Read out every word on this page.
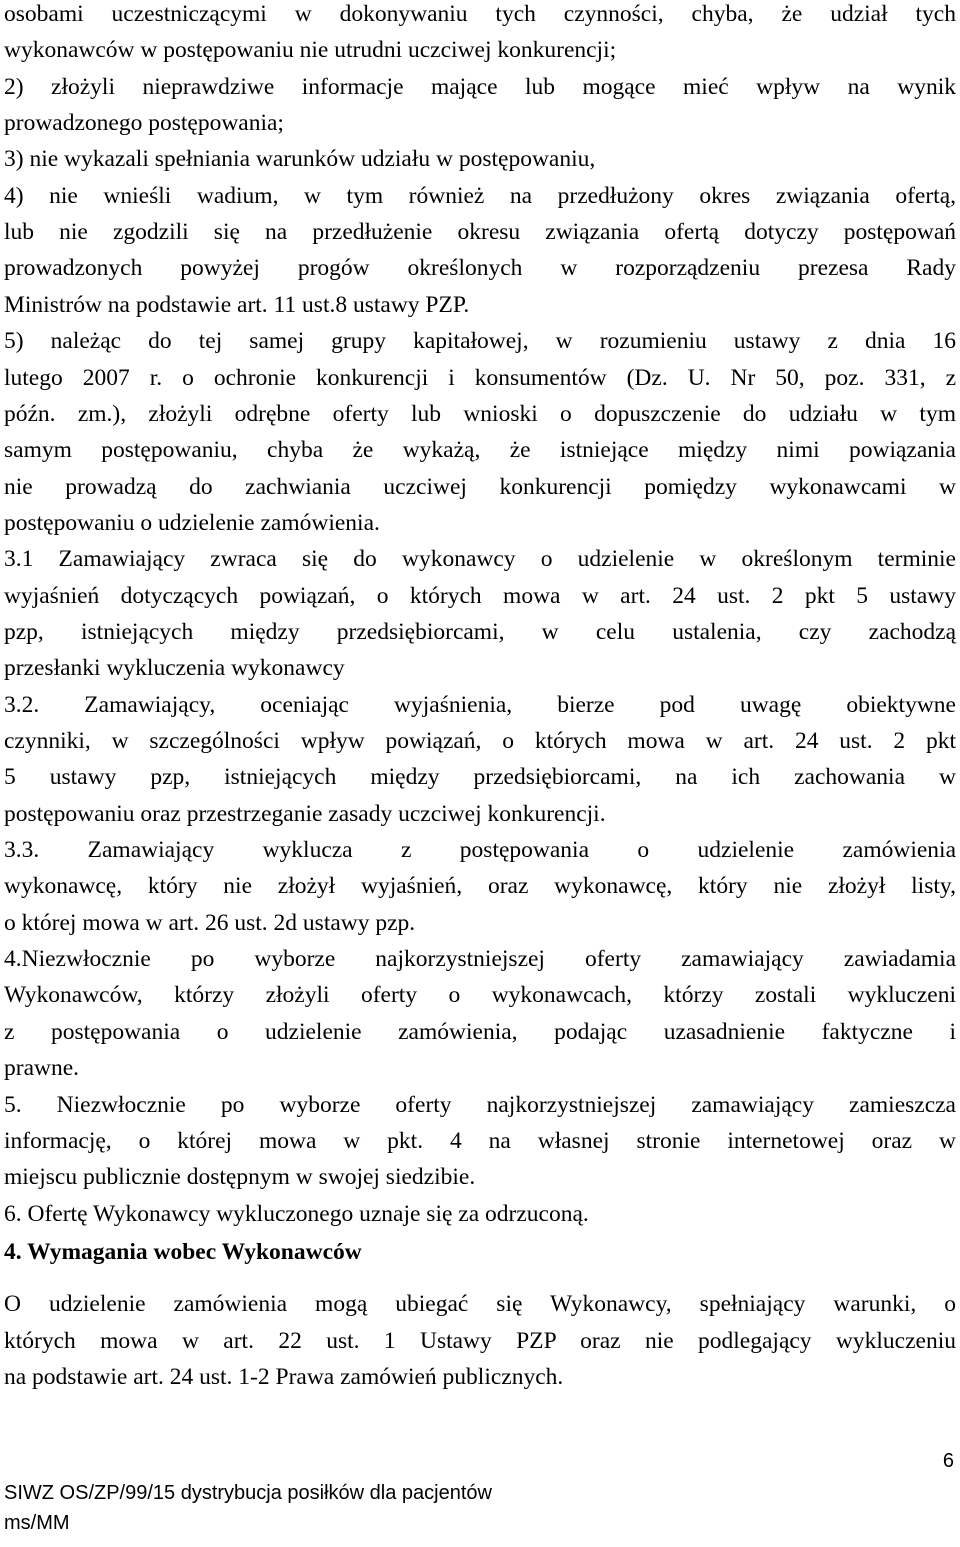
osobami uczestniczącymi w dokonywaniu tych czynności, chyba, że udział tych
wykonawców w postępowaniu nie utrudni uczciwej konkurencji;
2) złożyli nieprawdziwe informacje mające lub mogące mieć wpływ na wynik
prowadzonego postępowania;
3) nie wykazali spełniania warunków udziału w postępowaniu,
4) nie wnieśli wadium, w tym również na przedłużony okres związania ofertą,
lub nie zgodzili się na przedłużenie okresu związania ofertą dotyczy postępowań
prowadzonych powyżej progów określonych w rozporządzeniu prezesa Rady
Ministrów na podstawie art. 11 ust.8 ustawy PZP.
5) należąc do tej samej grupy kapitałowej, w rozumieniu ustawy z dnia 16
lutego 2007 r. o ochronie konkurencji i konsumentów (Dz. U. Nr 50, poz. 331, z
późn. zm.), złożyli odrębne oferty lub wnioski o dopuszczenie do udziału w tym
samym postępowaniu, chyba że wykażą, że istniejące między nimi powiązania
nie prowadzą do zachwiania uczciwej konkurencji pomiędzy wykonawcami w
postępowaniu o udzielenie zamówienia.
3.1 Zamawiający zwraca się do wykonawcy o udzielenie w określonym terminie
wyjaśnień dotyczących powiązań, o których mowa w art. 24 ust. 2 pkt 5 ustawy
pzp, istniejących między przedsiębiorcami, w celu ustalenia, czy zachodzą
przesłanki wykluczenia wykonawcy
3.2. Zamawiający, oceniając wyjaśnienia, bierze pod uwagę obiektywne
czynniki, w szczególności wpływ powiązań, o których mowa w art. 24 ust. 2 pkt
5 ustawy pzp, istniejących między przedsiębiorcami, na ich zachowania w
postępowaniu oraz przestrzeganie zasady uczciwej konkurencji.
3.3. Zamawiający wyklucza z postępowania o udzielenie zamówienia
wykonawcę, który nie złożył wyjaśnień, oraz wykonawcę, który nie złożył listy,
o której mowa w art. 26 ust. 2d ustawy pzp.
4.Niezwłocznie po wyborze najkorzystniejszej oferty zamawiający zawiadamia
Wykonawców, którzy złożyli oferty o wykonawcach, którzy zostali wykluczeni
z postępowania o udzielenie zamówienia, podając uzasadnienie faktyczne i
prawne.
5. Niezwłocznie po wyborze oferty najkorzystniejszej zamawiający zamieszcza
informację, o której mowa w pkt. 4 na własnej stronie internetowej oraz w
miejscu publicznie dostępnym w swojej siedzibie.
6. Ofertę Wykonawcy wykluczonego uznaje się za odrzuconą.
4. Wymagania wobec Wykonawców
O udzielenie zamówienia mogą ubiegać się Wykonawcy, spełniający warunki, o
których mowa w art. 22 ust. 1 Ustawy PZP oraz nie podlegający wykluczeniu
na podstawie art. 24 ust. 1-2 Prawa zamówień publicznych.
6
SIWZ OS/ZP/99/15 dystrybucja posiłków dla pacjentów
ms/MM
